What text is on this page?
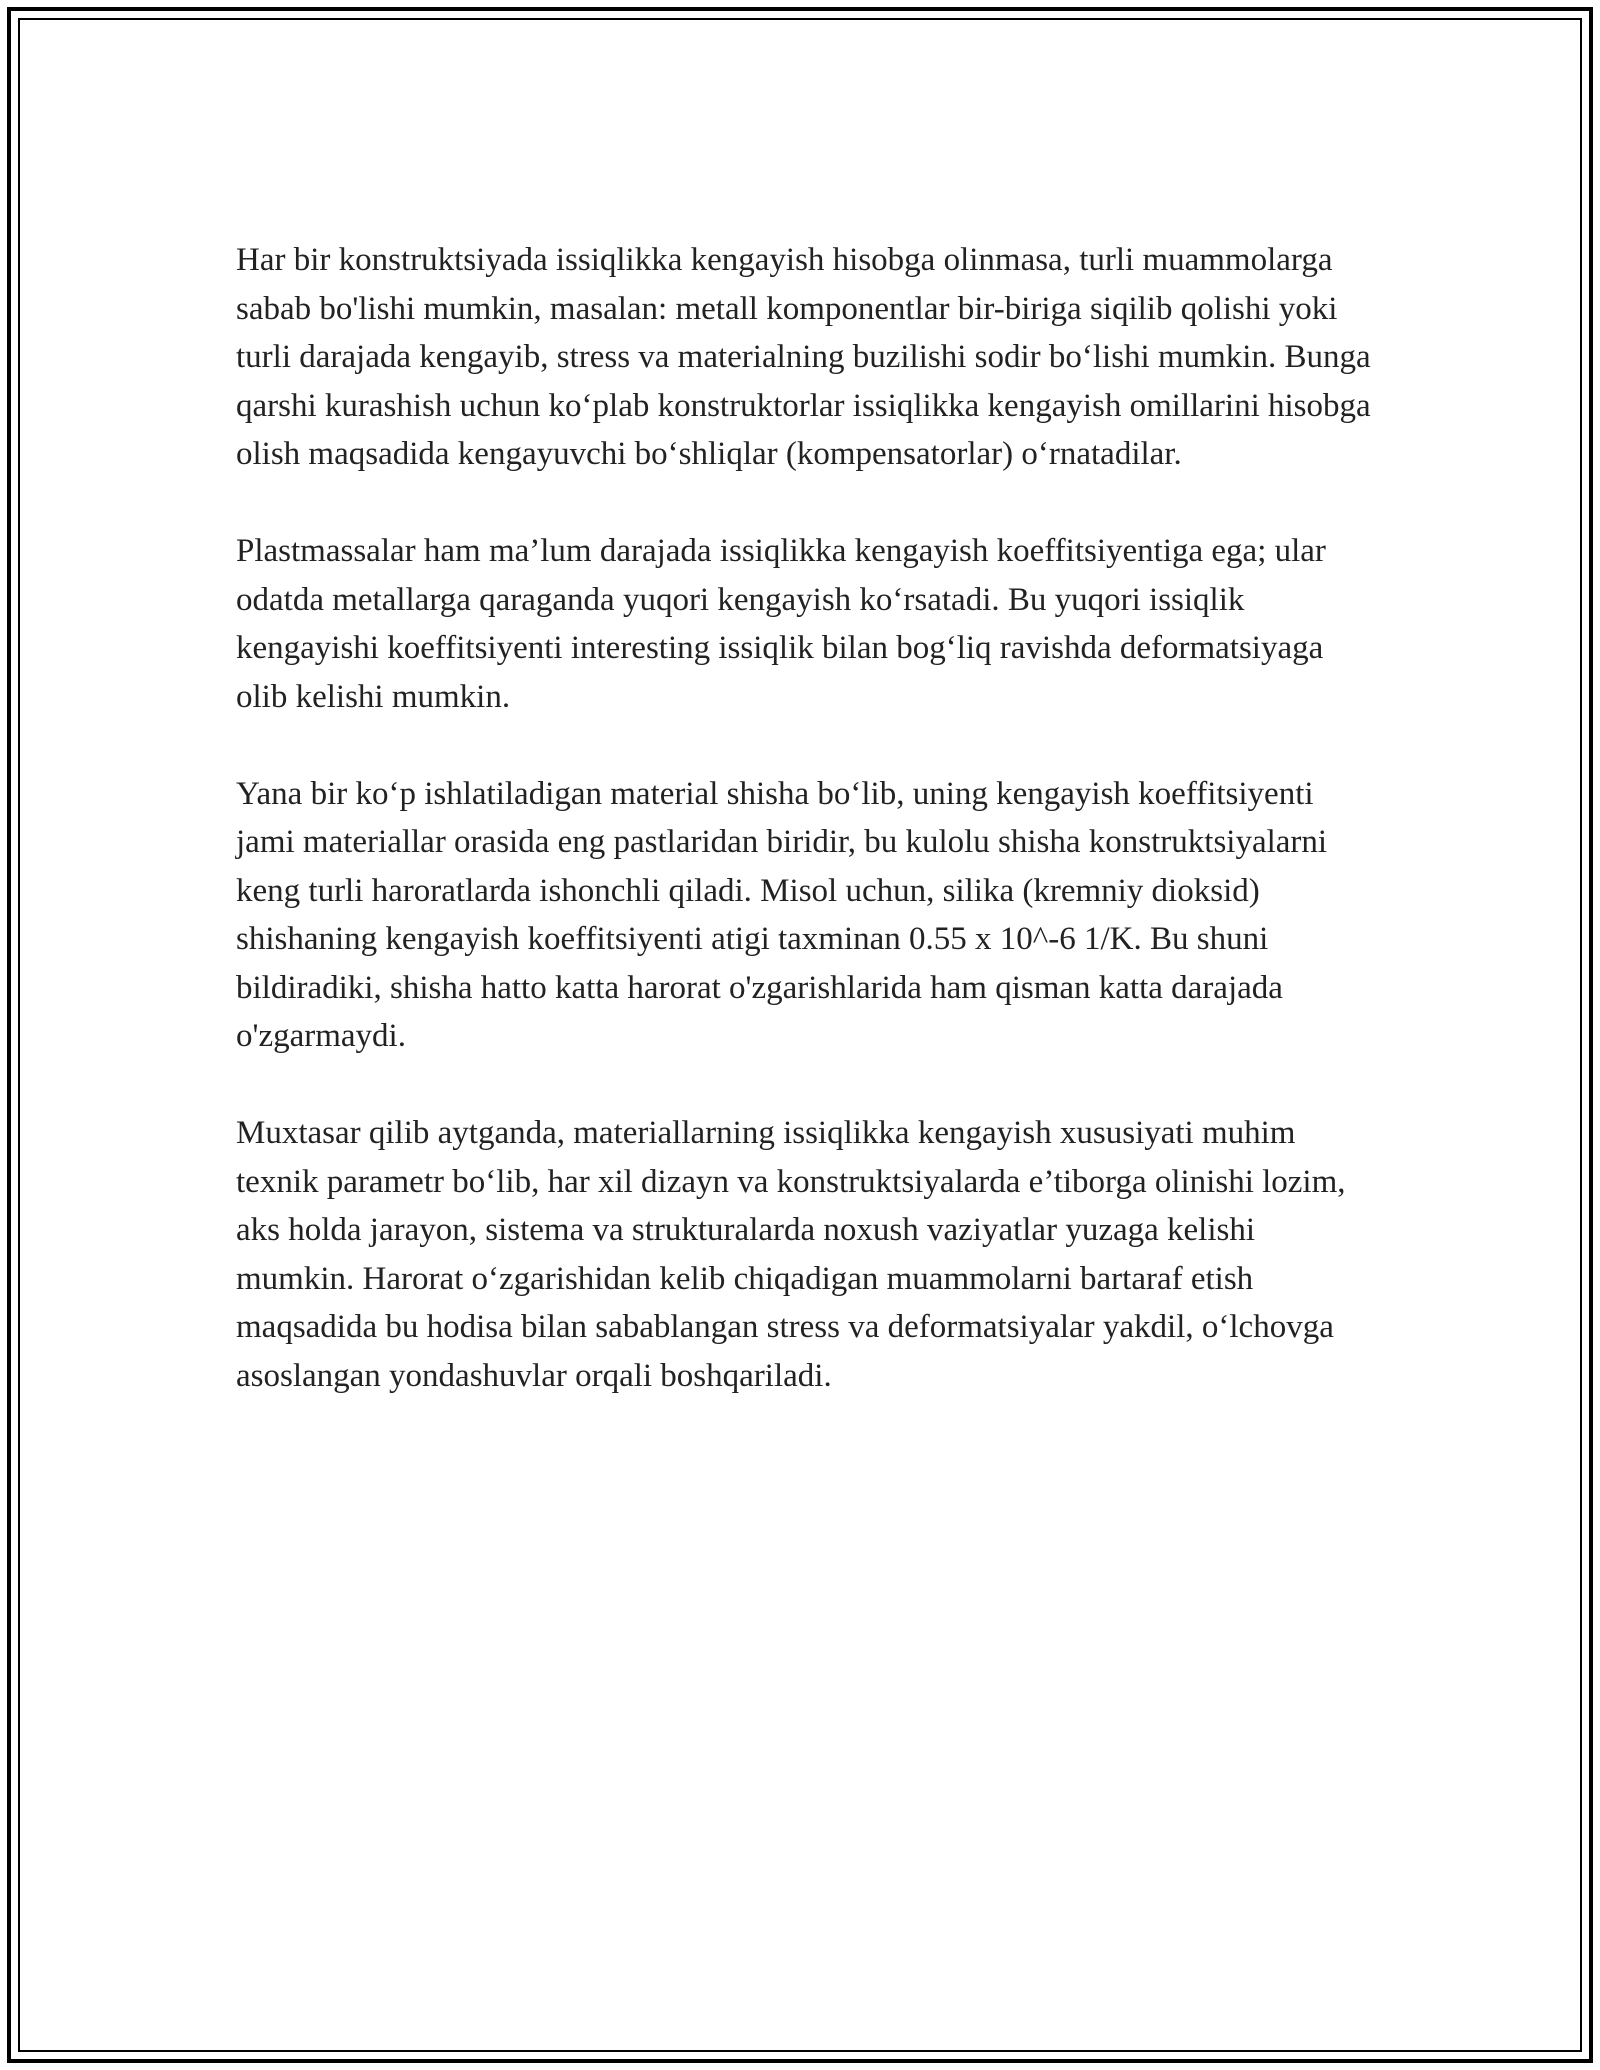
Har bir konstruktsiyada issiqlikka kengayish hisobga olinmasa, turli muammolarga sabab bo'lishi mumkin, masalan: metall komponentlar bir-biriga siqilib qolishi yoki turli darajada kengayib, stress va materialning buzilishi sodir bo‘lishi mumkin. Bunga qarshi kurashish uchun ko‘plab konstruktorlar issiqlikka kengayish omillarini hisobga olish maqsadida kengayuvchi bo‘shliqlar (kompensatorlar) o‘rnatadilar.

Plastmassalar ham ma’lum darajada issiqlikka kengayish koeffitsiyentiga ega; ular odatda metallarga qaraganda yuqori kengayish ko‘rsatadi. Bu yuqori issiqlik kengayishi koeffitsiyenti interesting issiqlik bilan bog‘liq ravishda deformatsiyaga olib kelishi mumkin.

Yana bir ko‘p ishlatiladigan material shisha bo‘lib, uning kengayish koeffitsiyenti jami materiallar orasida eng pastlaridan biridir, bu kulolu shisha konstruktsiyalarni keng turli haroratlarda ishonchli qiladi. Misol uchun, silika (kremniy dioksid) shishaning kengayish koeffitsiyenti atigi taxminan 0.55 x 10^-6 1/K. Bu shuni bildiradiki, shisha hatto katta harorat o'zgarishlarida ham qisman katta darajada o'zgarmaydi.

Muxtasar qilib aytganda, materiallarning issiqlikka kengayish xususiyati muhim texnik parametr bo‘lib, har xil dizayn va konstruktsiyalarda e’tiborga olinishi lozim, aks holda jarayon, sistema va strukturalarda noxush vaziyatlar yuzaga kelishi mumkin. Harorat o‘zgarishidan kelib chiqadigan muammolarni bartaraf etish maqsadida bu hodisa bilan sabablangan stress va deformatsiyalar yakdil, o‘lchovga asoslangan yondashuvlar orqali boshqariladi.
